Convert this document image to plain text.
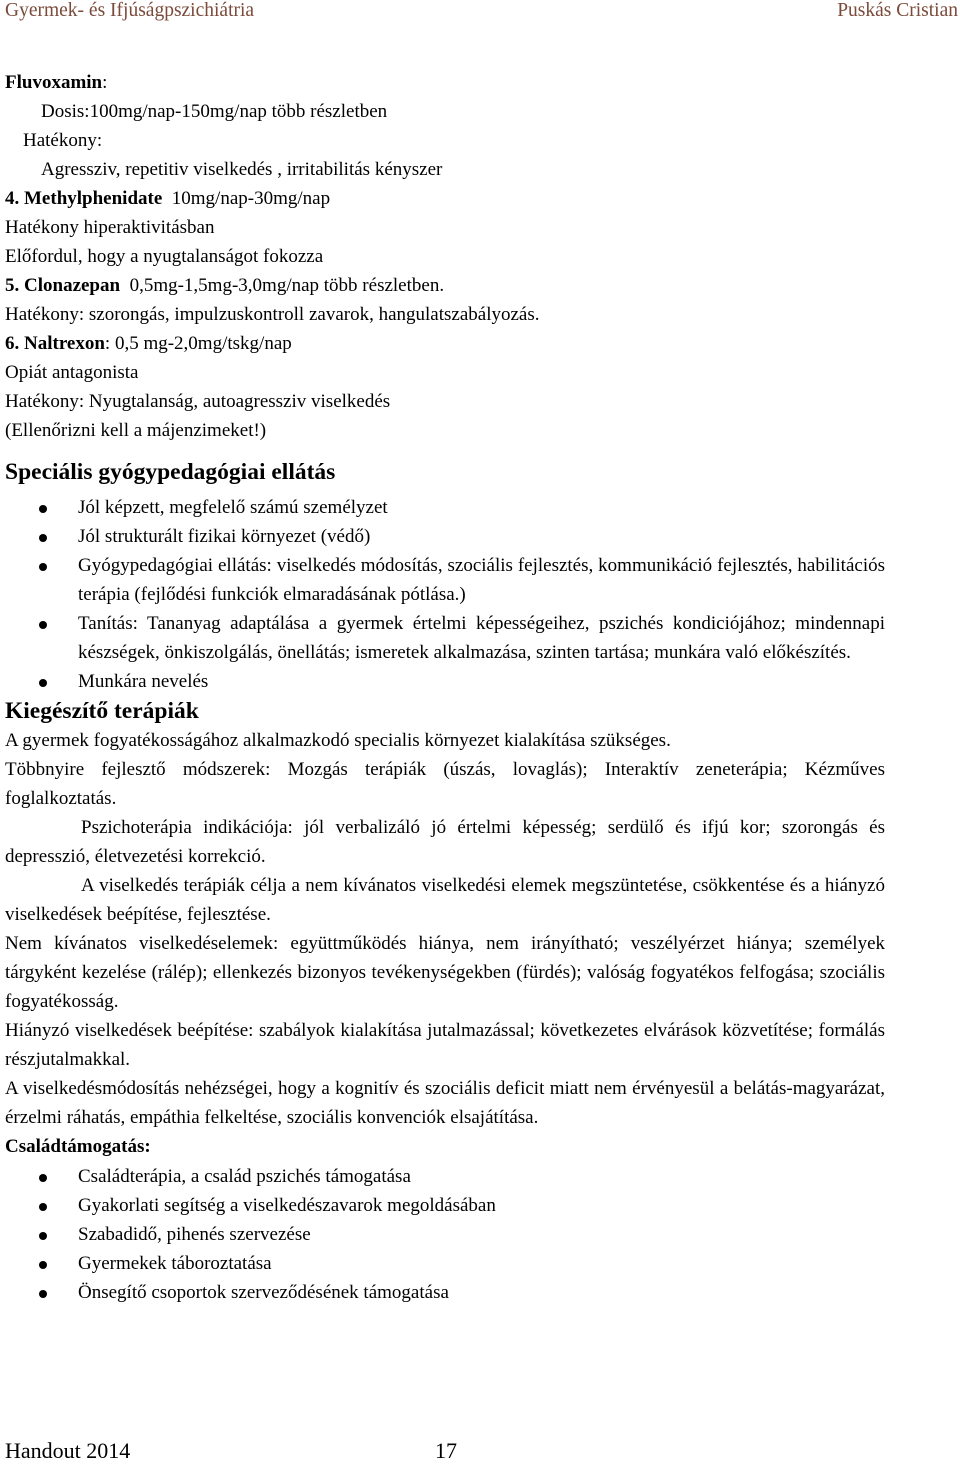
Gyermek- és Ifjúságpszichiátria	Puskás Cristian
Fluvoxamin:
Dosis:100mg/nap-150mg/nap több részletben
Hatékony:
Agressziv, repetitiv viselkedés , irritabilitás kényszer
4. Methylphenidate 10mg/nap-30mg/nap
Hatékony hiperaktivitásban
Előfordul, hogy a nyugtalanságot fokozza
5. Clonazepan 0,5mg-1,5mg-3,0mg/nap több részletben.
Hatékony: szorongás, impulzuskontroll zavarok, hangulatszabályozás.
6. Naltrexon: 0,5 mg-2,0mg/tskg/nap
Opiát antagonista
Hatékony: Nyugtalanság, autoagressziv viselkedés
(Ellenőrizni kell a májenzimeket!)
Speciális gyógypedagógiai ellátás
Jól képzett, megfelelő számú személyzet
Jól strukturált fizikai környezet (védő)
Gyógypedagógiai ellátás: viselkedés módosítás, szociális fejlesztés, kommunikáció fejlesztés, habilitációs terápia (fejlődési funkciók elmaradásának pótlása.)
Tanítás: Tananyag adaptálása a gyermek értelmi képességeihez, pszichés kondiciójához; mindennapi készségek, önkiszolgálás, önellátás; ismeretek alkalmazása, szinten tartása; munkára való előkészítés.
Munkára nevelés
Kiegészítő terápiák
A gyermek fogyatékosságához alkalmazkodó specialis környezet kialakítása szükséges.
Többnyire fejlesztő módszerek: Mozgás terápiák (úszás, lovaglás); Interaktív zeneterápia; Kézműves foglalkoztatás.
Pszichoterápia indikációja: jól verbalizáló jó értelmi képesség; serdülő és ifjú kor; szorongás és depresszió, életvezetési korrekció.
A viselkedés terápiák célja a nem kívánatos viselkedési elemek megszüntetése, csökkentése és a hiányzó viselkedések beépítése, fejlesztése.
Nem kívánatos viselkedéselemek: együttműködés hiánya, nem irányítható; veszélyérzet hiánya; személyek tárgyként kezelése (rálép); ellenkezés bizonyos tevékenységekben (fürdés); valóság fogyatékos felfogása; szociális fogyatékosság.
Hiányzó viselkedések beépítése: szabályok kialakítása jutalmazással; következetes elvárások közvetítése; formálás részjutalmakkal.
A viselkedésmódosítás nehézségei, hogy a kognitív és szociális deficit miatt nem érvényesül a belátás-magyarázat, érzelmi ráhatás, empáthia felkeltése, szociális konvenciók elsajátítása.
Családtámogatás:
Családterápia, a család pszichés támogatása
Gyakorlati segítség a viselkedészavarok megoldásában
Szabadidő, pihenés szervezése
Gyermekek táboroztatása
Önsegítő csoportok szerveződésének támogatása
Handout 2014	17
